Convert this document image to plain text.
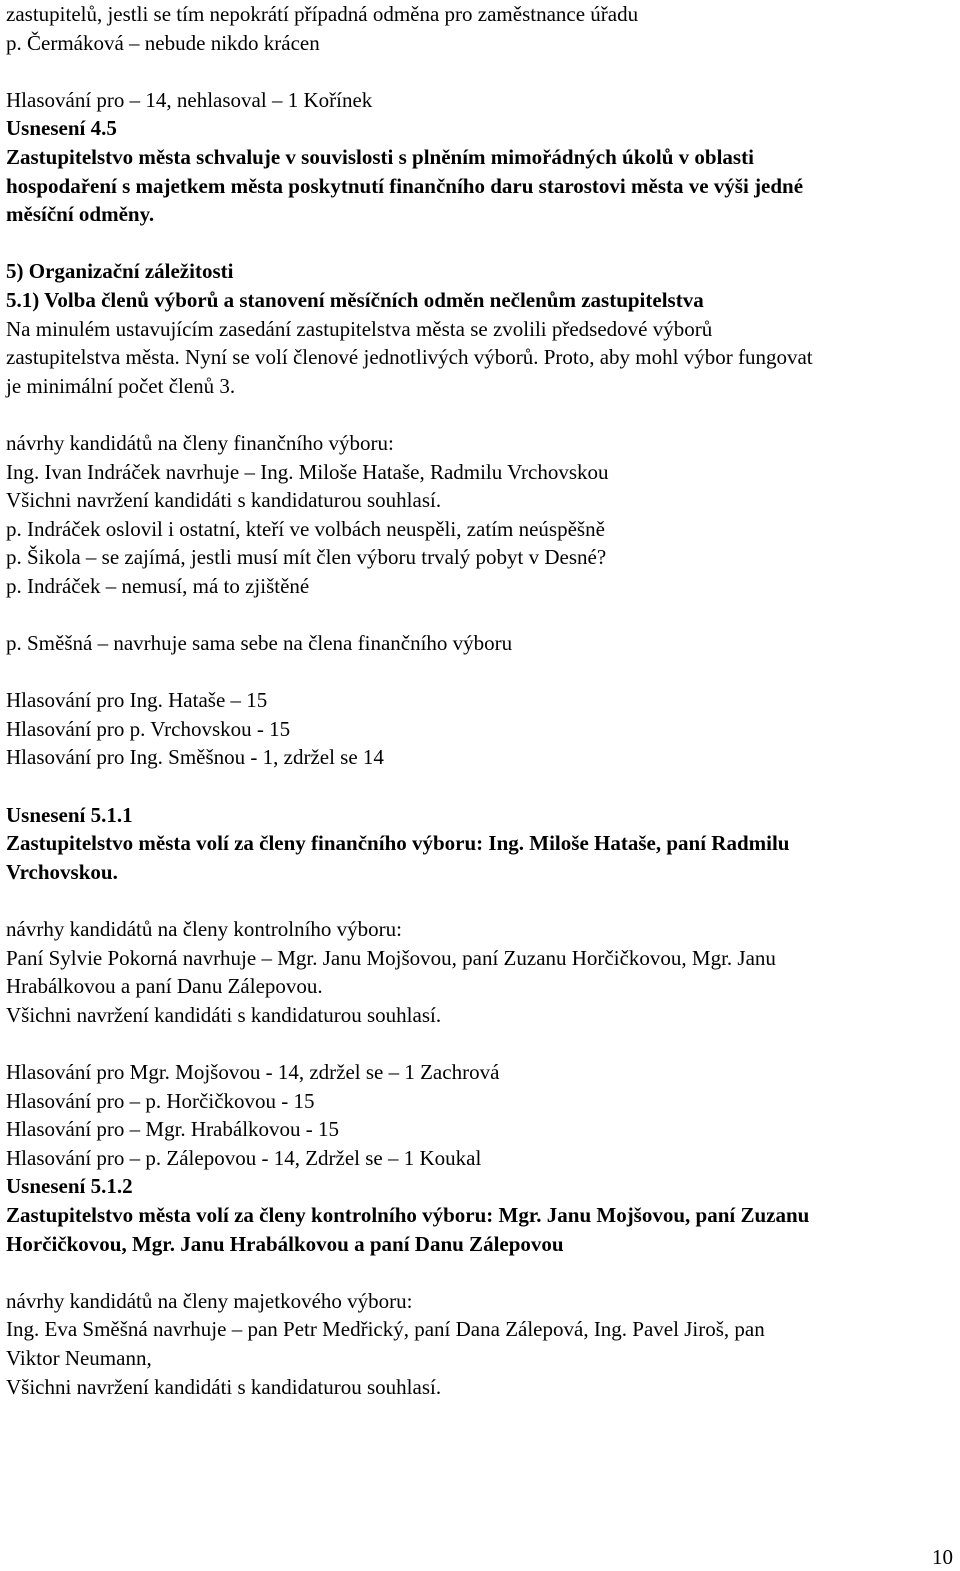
zastupitelů, jestli se tím nepokrátí případná odměna pro zaměstnance úřadu

p. Čermáková – nebude nikdo krácen

Hlasování pro – 14, nehlasoval – 1 Kořínek

Usnesení 4.5

Zastupitelstvo města schvaluje v souvislosti s plněním mimořádných úkolů v oblasti

hospodaření s majetkem města poskytnutí finančního daru starostovi města ve výši jedné

měsíční odměny.

5) Organizační záležitosti

5.1) Volba členů výborů a stanovení měsíčních odměn nečlenům zastupitelstva

Na minulém ustavujícím zasedání zastupitelstva města se zvolili předsedové výborů

zastupitelstva města. Nyní se volí členové jednotlivých výborů. Proto, aby mohl výbor fungovat

je minimální počet členů 3.

návrhy kandidátů na členy finančního výboru:

Ing. Ivan Indráček navrhuje – Ing. Miloše Hataše, Radmilu Vrchovskou

Všichni navržení kandidáti s kandidaturou souhlasí.

p. Indráček oslovil i ostatní, kteří ve volbách neuspěli, zatím neúspěšně

p. Šikola – se zajímá, jestli musí mít člen výboru trvalý pobyt v Desné?

p. Indráček – nemusí, má to zjištěné

p. Směšná – navrhuje sama sebe na člena finančního výboru

Hlasování pro Ing. Hataše – 15

Hlasování pro p. Vrchovskou - 15

Hlasování pro Ing. Směšnou - 1, zdržel se 14

Usnesení 5.1.1

Zastupitelstvo města volí za členy finančního výboru: Ing. Miloše Hataše, paní Radmilu

Vrchovskou.

návrhy kandidátů na členy kontrolního výboru:

Paní Sylvie Pokorná navrhuje – Mgr. Janu Mojšovou, paní Zuzanu Horčičkovou, Mgr. Janu

Hrabálkovou a paní Danu Zálepovou.

Všichni navržení kandidáti s kandidaturou souhlasí.

Hlasování pro Mgr. Mojšovou - 14, zdržel se – 1 Zachrová

Hlasování pro – p. Horčičkovou - 15

Hlasování pro – Mgr. Hrabálkovou - 15

Hlasování pro – p. Zálepovou - 14, Zdržel se – 1 Koukal

Usnesení 5.1.2

Zastupitelstvo města volí za členy kontrolního výboru: Mgr. Janu Mojšovou, paní Zuzanu

Horčičkovou, Mgr. Janu Hrabálkovou a paní Danu Zálepovou

návrhy kandidátů na členy majetkového výboru:

Ing. Eva Směšná navrhuje – pan Petr Medřický, paní Dana Zálepová, Ing. Pavel Jiroš, pan

Viktor Neumann,

Všichni navržení kandidáti s kandidaturou souhlasí.

10
